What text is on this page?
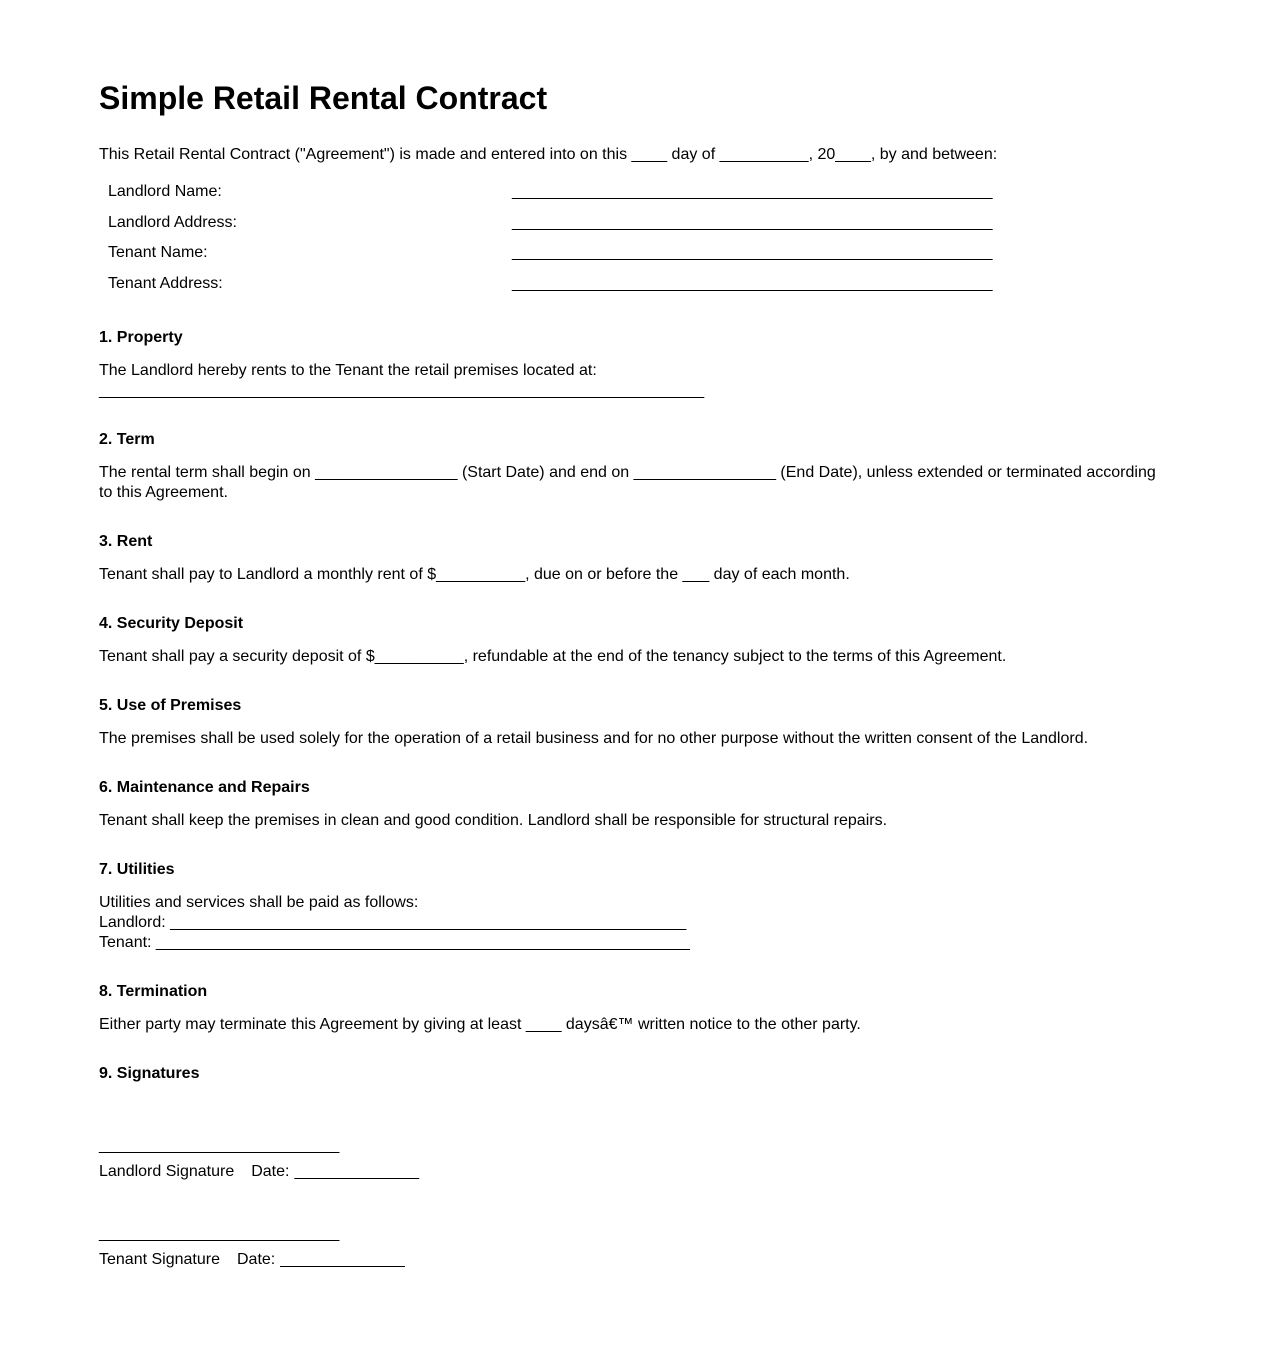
Simple Retail Rental Contract

This Retail Rental Contract ("Agreement") is made and entered into on this ____ day of __________, 20____, by and between:

Landlord Name:	______________________________________________________
Landlord Address:	______________________________________________________
Tenant Name:	______________________________________________________
Tenant Address:	______________________________________________________
1. Property

The Landlord hereby rents to the Tenant the retail premises located at:

____________________________________________________________________

2. Term

The rental term shall begin on ________________ (Start Date) and end on ________________ (End Date), unless extended or terminated according to this Agreement.

3. Rent

Tenant shall pay to Landlord a monthly rent of $__________, due on or before the ___ day of each month.

4. Security Deposit

Tenant shall pay a security deposit of $__________, refundable at the end of the tenancy subject to the terms of this Agreement.

5. Use of Premises

The premises shall be used solely for the operation of a retail business and for no other purpose without the written consent of the Landlord.

6. Maintenance and Repairs

Tenant shall keep the premises in clean and good condition. Landlord shall be responsible for structural repairs.

7. Utilities

Utilities and services shall be paid as follows:

Landlord: __________________________________________________________

Tenant: ____________________________________________________________

8. Termination

Either party may terminate this Agreement by giving at least ____ daysâ€™ written notice to the other party.

9. Signatures
___________________________
Landlord Signature Date: ______________
___________________________
Tenant Signature Date: ______________
